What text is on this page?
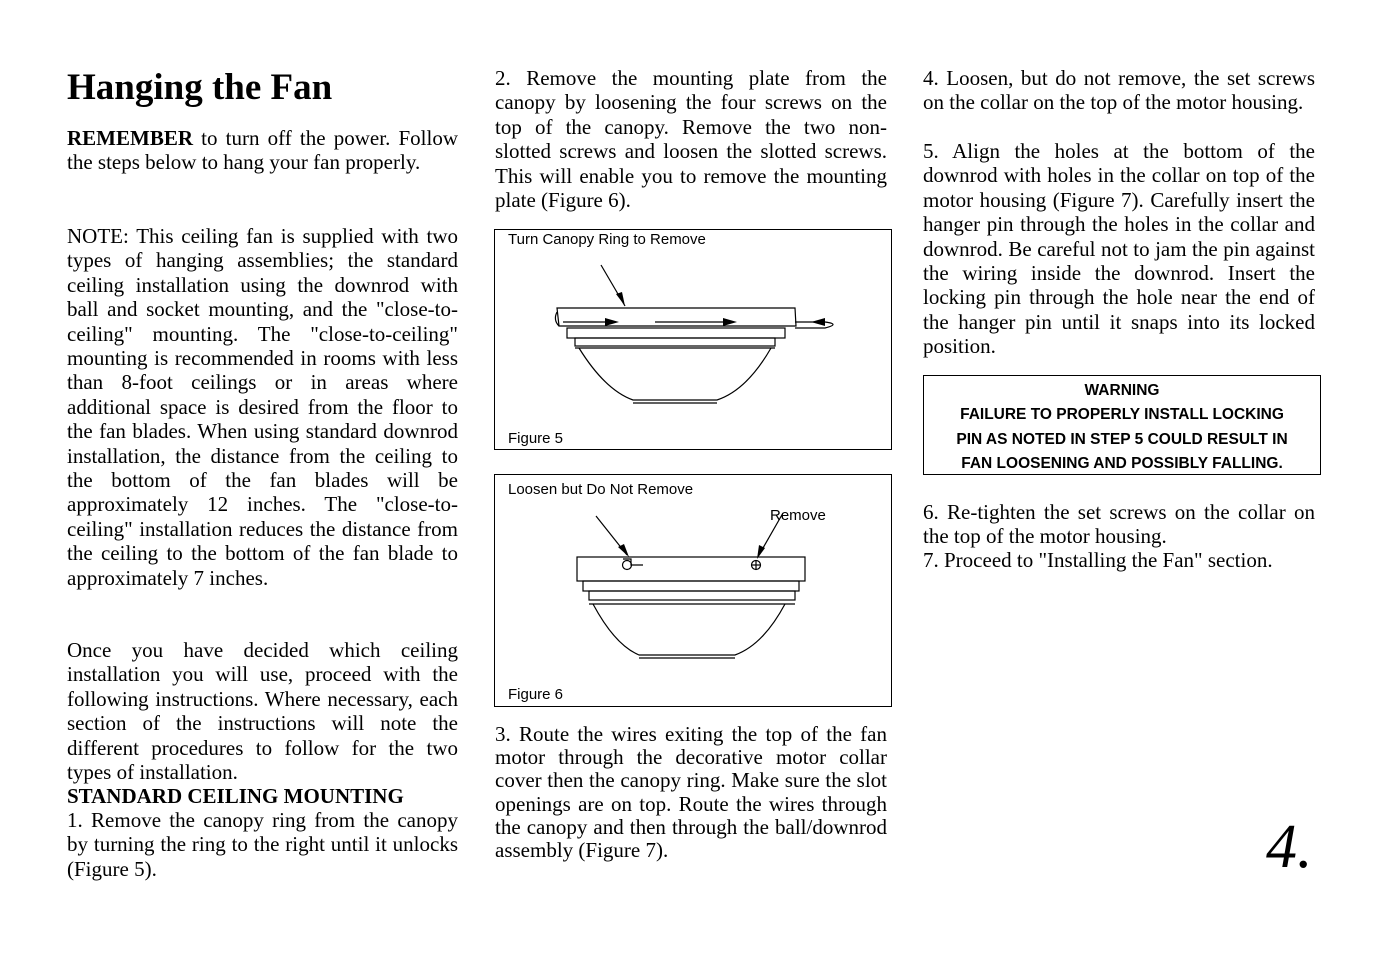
Hanging the Fan

REMEMBER to turn off the power. Follow the steps below to hang your fan properly.

NOTE: This ceiling fan is supplied with two types of hanging assemblies; the standard ceiling installation using the downrod with ball and socket mounting, and the "close-to-ceiling" mounting. The "close-to-ceiling" mounting is recommended in rooms with less than 8-foot ceilings or in areas where additional space is desired from the floor to the fan blades. When using standard downrod installation, the distance from the ceiling to the bottom of the fan blades will be approximately 12 inches. The "close-to-ceiling" installation reduces the distance from the ceiling to the bottom of the fan blade to approximately 7 inches.

Once you have decided which ceiling installation you will use, proceed with the following instructions. Where necessary, each section of the instructions will note the different procedures to follow for the two types of installation.

STANDARD CEILING MOUNTING

1. Remove the canopy ring from the canopy by turning the ring to the right until it unlocks (Figure 5).

2. Remove the mounting plate from the canopy by loosening the four screws on the top of the canopy. Remove the two non-slotted screws and loosen the slotted screws. This will enable you to remove the mounting plate (Figure 6).

3. Route the wires exiting the top of the fan motor through the decorative motor collar cover then the canopy ring. Make sure the slot openings are on top. Route the wires through the canopy and then through the ball/downrod assembly (Figure 7).

Turn Canopy Ring to Remove
Figure 5
Loosen but Do Not Remove
Remove
Figure 6

4. Loosen, but do not remove, the set screws on the collar on the top of the motor housing.

5. Align the holes at the bottom of the downrod with holes in the collar on top of the motor housing (Figure 7). Carefully insert the hanger pin through the holes in the collar and downrod. Be careful not to jam the pin against the wiring inside the downrod. Insert the locking pin through the hole near the end of the hanger pin until it snaps into its locked position.

6. Re-tighten the set screws on the collar on the top of the motor housing.

7. Proceed to "Installing the Fan" section.

WARNING
FAILURE TO PROPERLY INSTALL LOCKING
PIN AS NOTED IN STEP 5 COULD RESULT IN
FAN LOOSENING AND POSSIBLY FALLING.
4.
